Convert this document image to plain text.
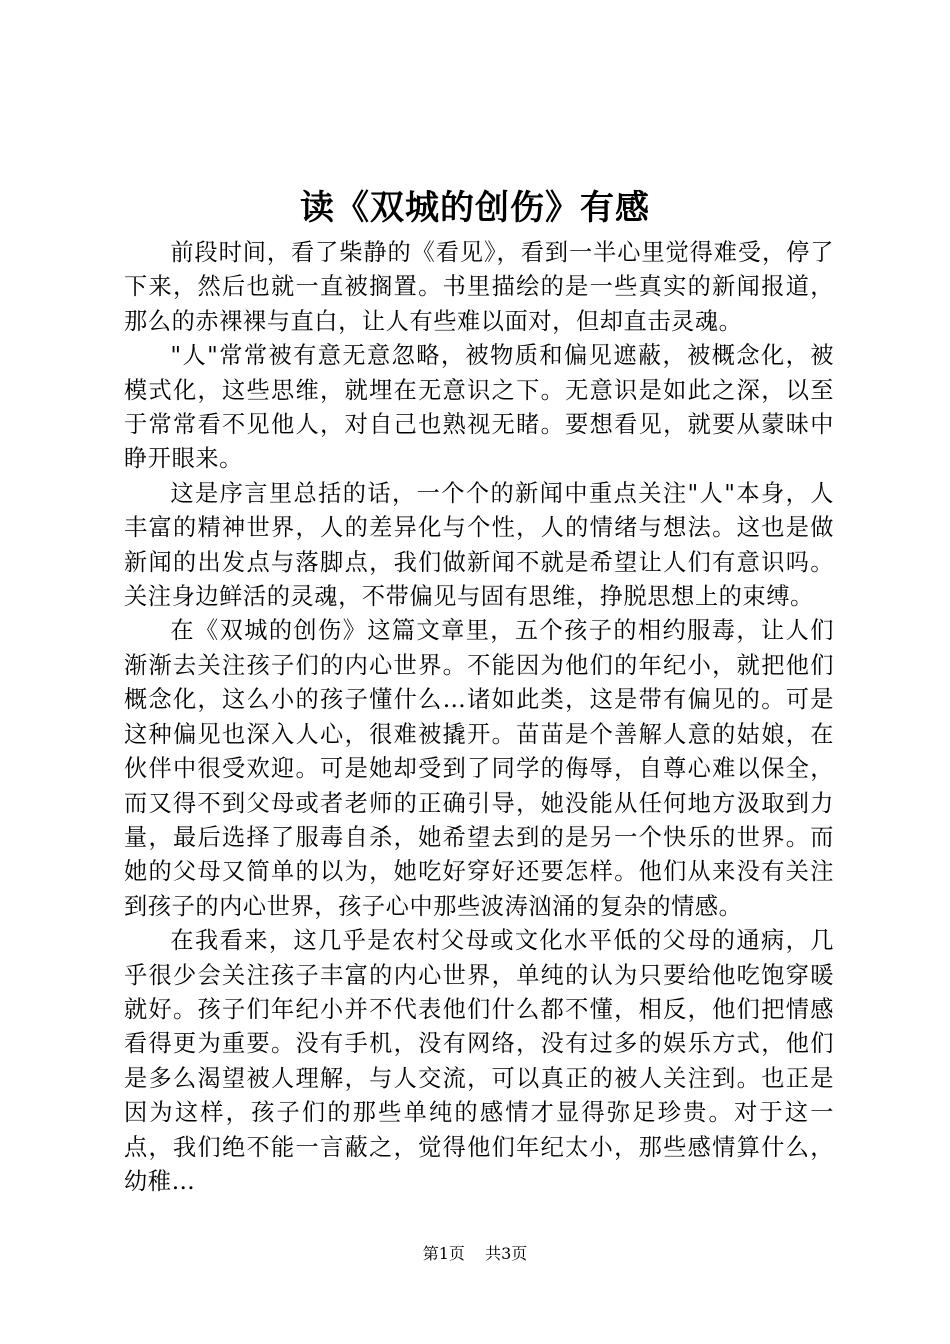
读《双城的创伤》有感

前段时间，看了柴静的《看见》，看到一半心里觉得难受，停了下来，然后也就一直被搁置。书里描绘的是一些真实的新闻报道，那么的赤裸裸与直白，让人有些难以面对，但却直击灵魂。

"人"常常被有意无意忽略，被物质和偏见遮蔽，被概念化，被模式化，这些思维，就埋在无意识之下。无意识是如此之深，以至于常常看不见他人，对自己也熟视无睹。要想看见，就要从蒙昧中睁开眼来。

这是序言里总括的话，一个个的新闻中重点关注"人"本身，人丰富的精神世界，人的差异化与个性，人的情绪与想法。这也是做新闻的出发点与落脚点，我们做新闻不就是希望让人们有意识吗。关注身边鲜活的灵魂，不带偏见与固有思维，挣脱思想上的束缚。

在《双城的创伤》这篇文章里，五个孩子的相约服毒，让人们渐渐去关注孩子们的内心世界。不能因为他们的年纪小，就把他们概念化，这么小的孩子懂什么…诸如此类，这是带有偏见的。可是这种偏见也深入人心，很难被撬开。苗苗是个善解人意的姑娘，在伙伴中很受欢迎。可是她却受到了同学的侮辱，自尊心难以保全，而又得不到父母或者老师的正确引导，她没能从任何地方汲取到力量，最后选择了服毒自杀，她希望去到的是另一个快乐的世界。而她的父母又简单的以为，她吃好穿好还要怎样。他们从来没有关注到孩子的内心世界，孩子心中那些波涛汹涌的复杂的情感。

在我看来，这几乎是农村父母或文化水平低的父母的通病，几乎很少会关注孩子丰富的内心世界，单纯的认为只要给他吃饱穿暖就好。孩子们年纪小并不代表他们什么都不懂，相反，他们把情感看得更为重要。没有手机，没有网络，没有过多的娱乐方式，他们是多么渴望被人理解，与人交流，可以真正的被人关注到。也正是因为这样，孩子们的那些单纯的感情才显得弥足珍贵。对于这一点，我们绝不能一言蔽之，觉得他们年纪太小，那些感情算什么，幼稚…

第1页 共3页
